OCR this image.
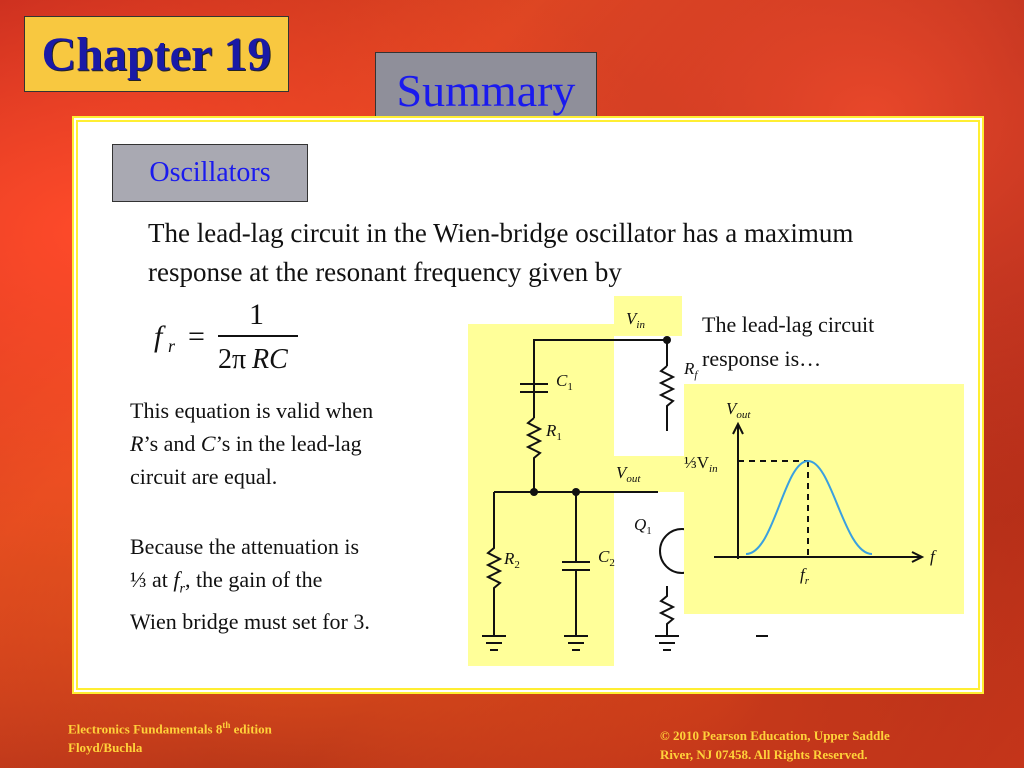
Chapter 19
Summary
Oscillators
The lead-lag circuit in the Wien-bridge oscillator has a maximum response at the resonant frequency given by
f r =
1
2π RC
This equation is valid when
R’s and C’s in the lead-lag
circuit are equal.
Because the attenuation is
⅓ at $f_r$, the gain of the
Wien bridge must set for 3.
$V_{in}$
$V_{out}$
$C_1$
$R_1$
$R_2$	$C_2$
$R_f$
$Q_1$
The lead-lag circuit response is…
$V_{out}$
$\frac{1}{3}V_{in}$
f
$f_r$
Electronics Fundamentals 8th edition
Floyd/Buchla
© 2010 Pearson Education, Upper Saddle
River, NJ 07458. All Rights Reserved.
